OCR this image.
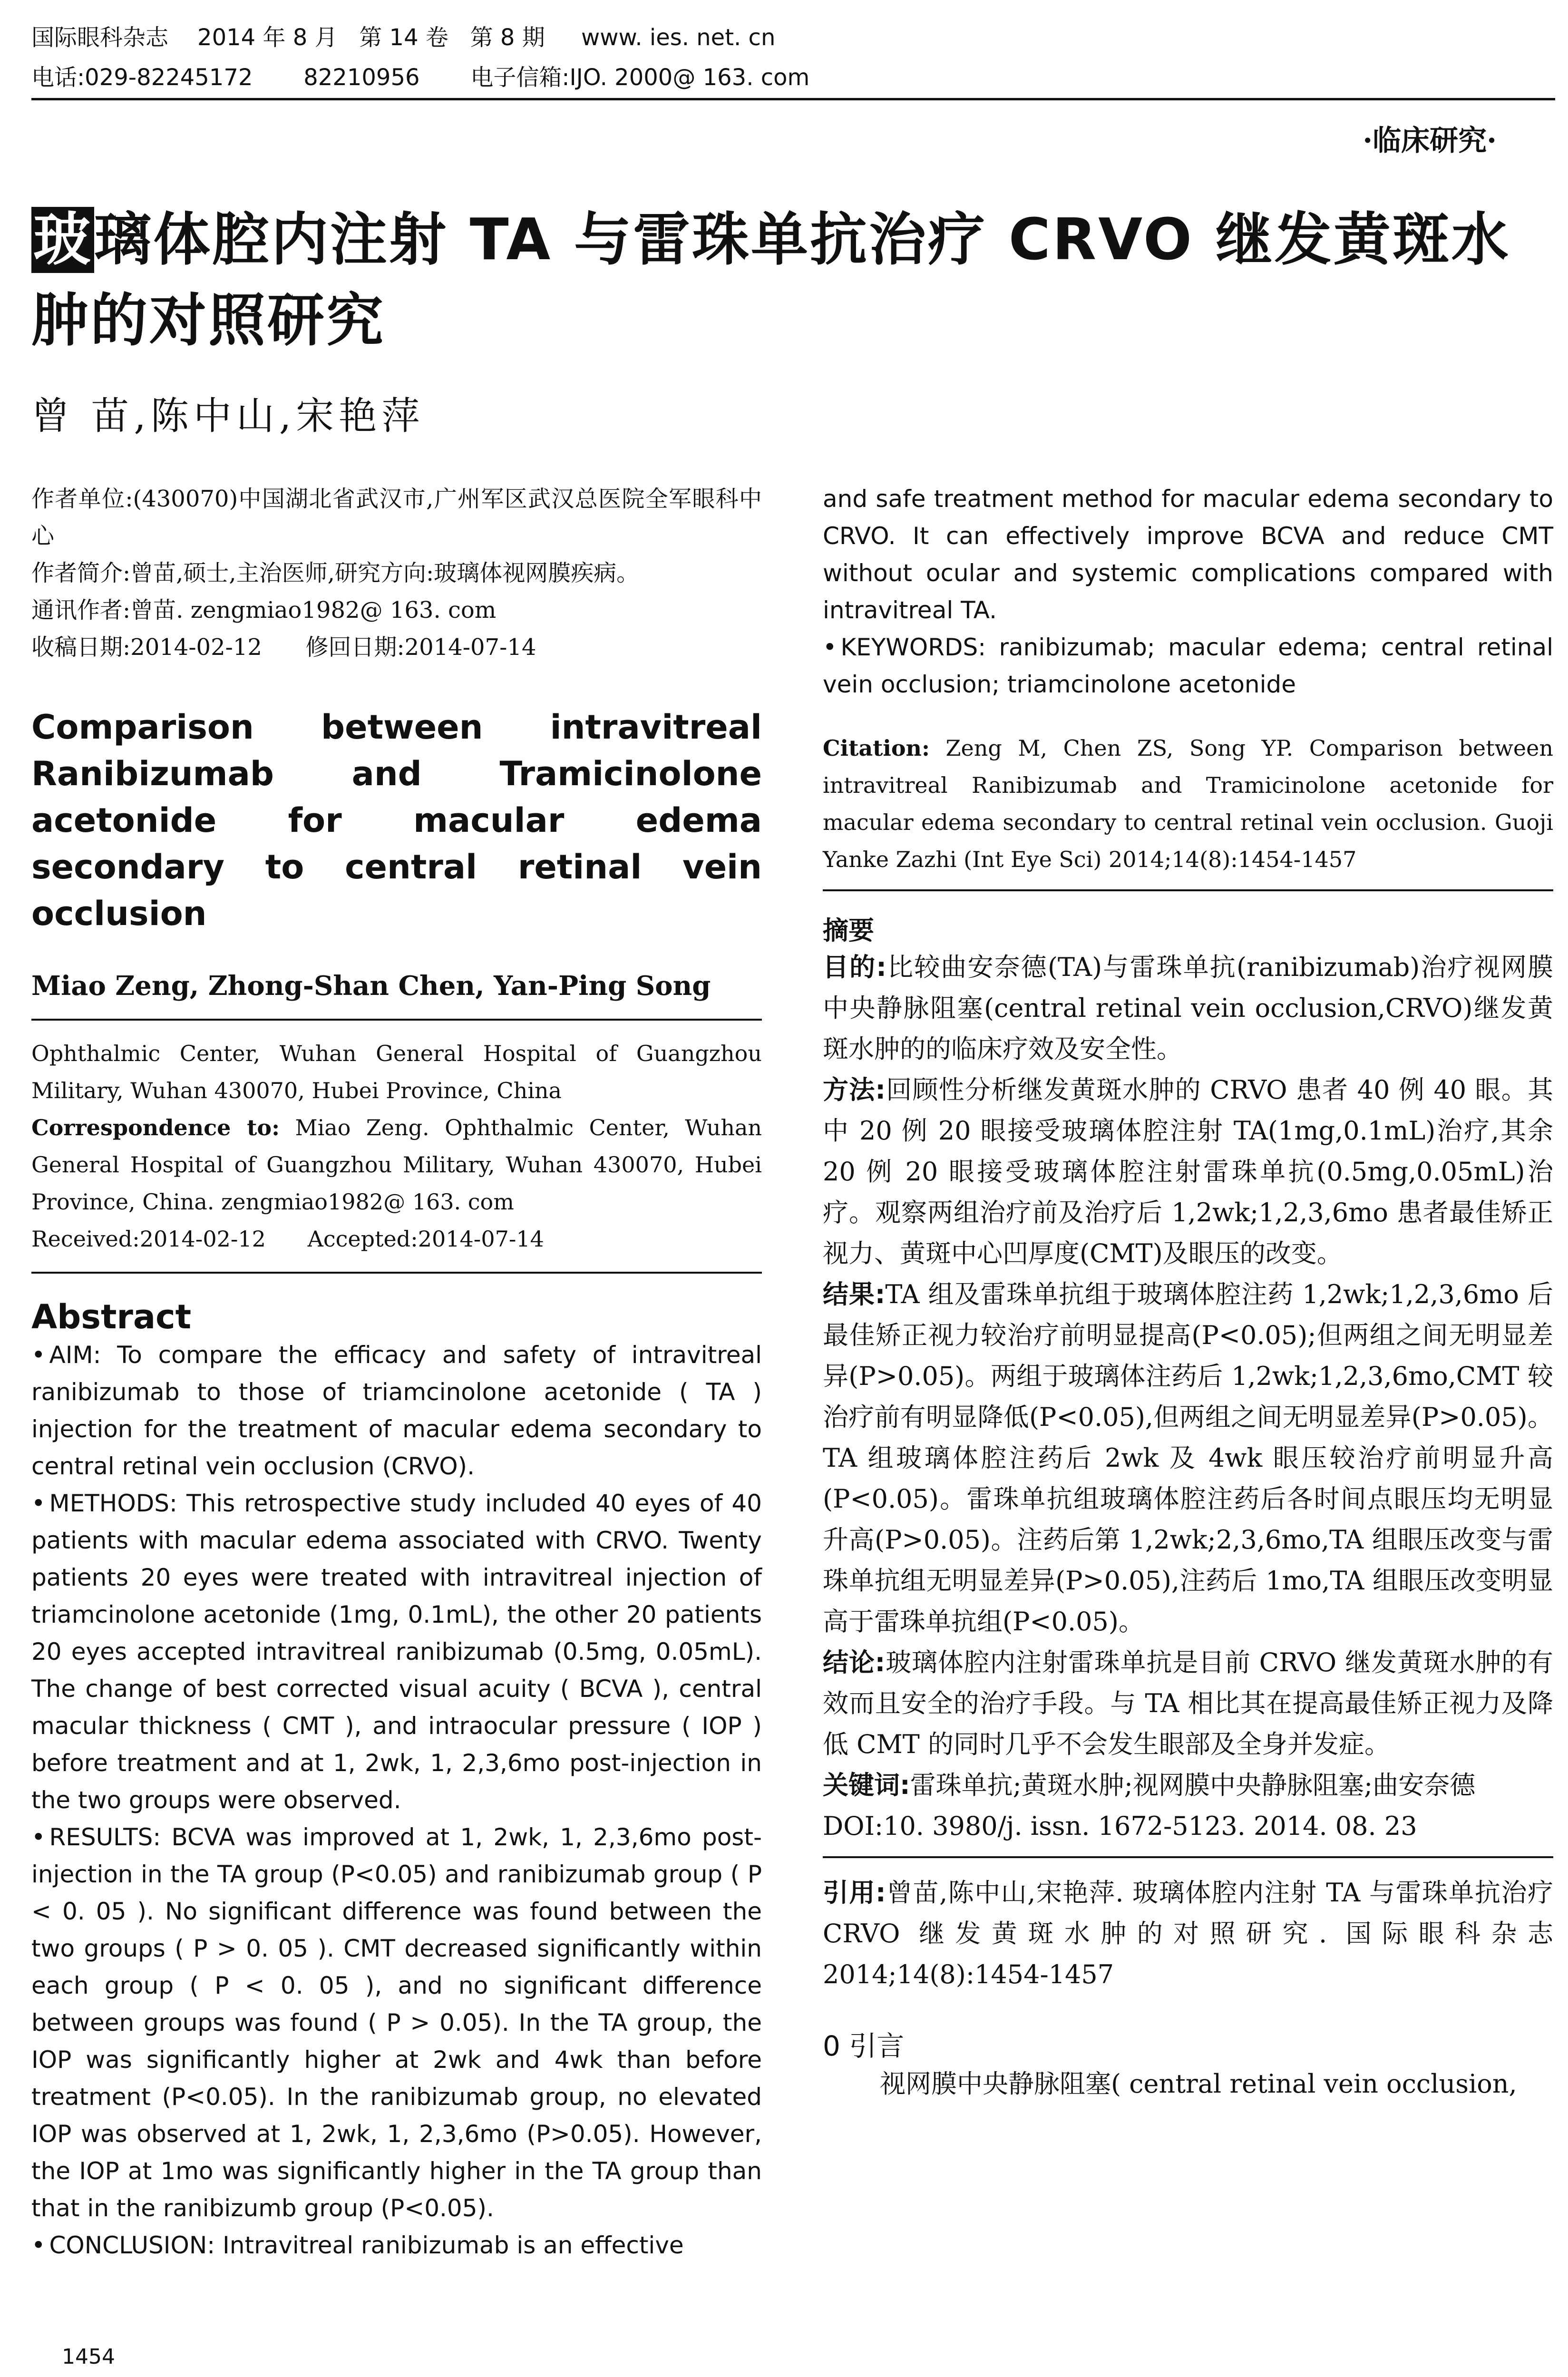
国际眼科杂志    2014 年 8 月   第 14 卷   第 8 期     www. ies. net. cn
电话:029-82245172       82210956       电子信箱:IJO. 2000@ 163. com
·临床研究·
玻璃体腔内注射 TA 与雷珠单抗治疗 CRVO 继发黄斑水肿的对照研究
曾 苗,陈中山,宋艳萍

作者单位:(430070)中国湖北省武汉市,广州军区武汉总医院全军眼科中心

作者简介:曾苗,硕士,主治医师,研究方向:玻璃体视网膜疾病。

通讯作者:曾苗. zengmiao1982@ 163. com

收稿日期:2014-02-12      修回日期:2014-07-14

Comparison between intravitreal Ranibizumab and Tramicinolone acetonide for macular edema secondary to central retinal vein occlusion

Miao Zeng, Zhong-Shan Chen, Yan-Ping Song

Ophthalmic Center, Wuhan General Hospital of Guangzhou Military, Wuhan 430070, Hubei Province, China

Correspondence to: Miao Zeng. Ophthalmic Center, Wuhan General Hospital of Guangzhou Military, Wuhan 430070, Hubei Province, China. zengmiao1982@ 163. com

Received:2014-02-12      Accepted:2014-07-14

Abstract

• AIM: To compare the efficacy and safety of intravitreal ranibizumab to those of triamcinolone acetonide ( TA ) injection for the treatment of macular edema secondary to central retinal vein occlusion (CRVO).

• METHODS: This retrospective study included 40 eyes of 40 patients with macular edema associated with CRVO. Twenty patients 20 eyes were treated with intravitreal injection of triamcinolone acetonide (1mg, 0.1mL), the other 20 patients 20 eyes accepted intravitreal ranibizumab (0.5mg, 0.05mL). The change of best corrected visual acuity ( BCVA ), central macular thickness ( CMT ), and intraocular pressure ( IOP ) before treatment and at 1, 2wk, 1, 2,3,6mo post-injection in the two groups were observed.

• RESULTS: BCVA was improved at 1, 2wk, 1, 2,3,6mo post-injection in the TA group (P<0.05) and ranibizumab group ( P < 0. 05 ). No significant difference was found between the two groups ( P > 0. 05 ). CMT decreased significantly within each group ( P < 0. 05 ), and no significant difference between groups was found ( P > 0.05). In the TA group, the IOP was significantly higher at 2wk and 4wk than before treatment (P<0.05). In the ranibizumab group, no elevated IOP was observed at 1, 2wk, 1, 2,3,6mo (P>0.05). However, the IOP at 1mo was significantly higher in the TA group than that in the ranibizumb group (P<0.05).

• CONCLUSION: Intravitreal ranibizumab is an effective

and safe treatment method for macular edema secondary to CRVO. It can effectively improve BCVA and reduce CMT without ocular and systemic complications compared with intravitreal TA.

• KEYWORDS: ranibizumab; macular edema; central retinal vein occlusion; triamcinolone acetonide

Citation: Zeng M, Chen ZS, Song YP. Comparison between intravitreal Ranibizumab and Tramicinolone acetonide for macular edema secondary to central retinal vein occlusion. Guoji Yanke Zazhi (Int Eye Sci) 2014;14(8):1454-1457

摘要

目的:比较曲安奈德(TA)与雷珠单抗(ranibizumab)治疗视网膜中央静脉阻塞(central retinal vein occlusion,CRVO)继发黄斑水肿的的临床疗效及安全性。

方法:回顾性分析继发黄斑水肿的 CRVO 患者 40 例 40 眼。其中 20 例 20 眼接受玻璃体腔注射 TA(1mg,0.1mL)治疗,其余 20 例 20 眼接受玻璃体腔注射雷珠单抗(0.5mg,0.05mL)治疗。观察两组治疗前及治疗后 1,2wk;1,2,3,6mo 患者最佳矫正视力、黄斑中心凹厚度(CMT)及眼压的改变。

结果:TA 组及雷珠单抗组于玻璃体腔注药 1,2wk;1,2,3,6mo 后最佳矫正视力较治疗前明显提高(P<0.05);但两组之间无明显差异(P>0.05)。两组于玻璃体注药后 1,2wk;1,2,3,6mo,CMT 较治疗前有明显降低(P<0.05),但两组之间无明显差异(P>0.05)。TA 组玻璃体腔注药后 2wk 及 4wk 眼压较治疗前明显升高(P<0.05)。雷珠单抗组玻璃体腔注药后各时间点眼压均无明显升高(P>0.05)。注药后第 1,2wk;2,3,6mo,TA 组眼压改变与雷珠单抗组无明显差异(P>0.05),注药后 1mo,TA 组眼压改变明显高于雷珠单抗组(P<0.05)。

结论:玻璃体腔内注射雷珠单抗是目前 CRVO 继发黄斑水肿的有效而且安全的治疗手段。与 TA 相比其在提高最佳矫正视力及降低 CMT 的同时几乎不会发生眼部及全身并发症。

关键词:雷珠单抗;黄斑水肿;视网膜中央静脉阻塞;曲安奈德

DOI:10. 3980/j. issn. 1672-5123. 2014. 08. 23

引用:曾苗,陈中山,宋艳萍. 玻璃体腔内注射 TA 与雷珠单抗治疗 CRVO 继发黄斑水肿的对照研究. 国际眼科杂志 2014;14(8):1454-1457

0 引言

视网膜中央静脉阻塞( central retinal vein occlusion,

1454
